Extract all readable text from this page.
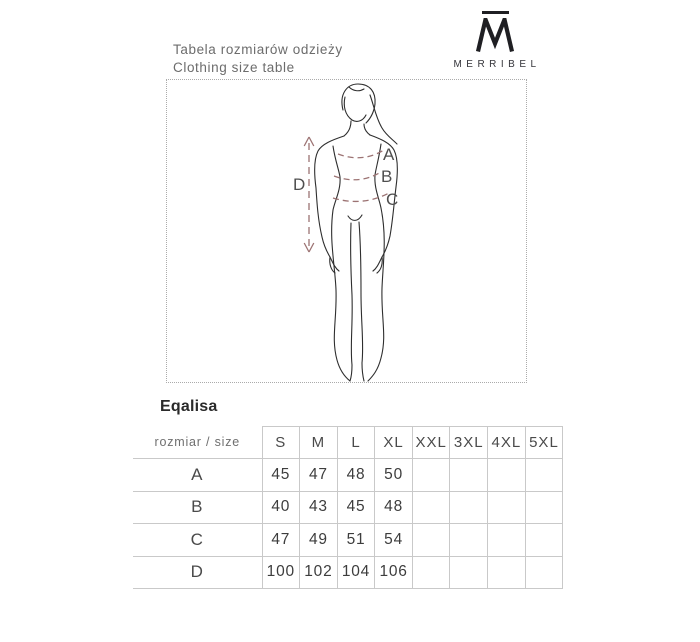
MERRIBEL
Tabela rozmiarów odzieży
Clothing size table
A
B
C
D
Eqalisa
rozmiar / size	S	M	L	XL	XXL	3XL	4XL	5XL
A	45	47	48	50				
B	40	43	45	48				
C	47	49	51	54				
D	100	102	104	106				
